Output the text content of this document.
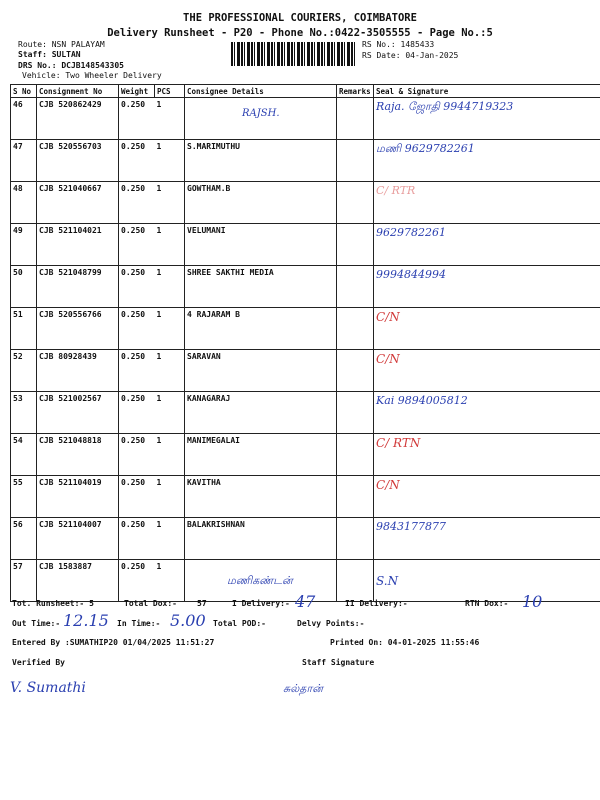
THE PROFESSIONAL COURIERS, COIMBATORE
Delivery Runsheet - P20 - Phone No.:0422-3505555 - Page No.:5
Route: NSN PALAYAM
Staff: SULTAN
DRS No.: DCJB148543305
Vehicle: Two Wheeler Delivery
RS No.: 1485433
RS Date: 04-Jan-2025
S No	Consignment No	Weight	PCS	Consignee Details	Remarks	Seal & Signature
46	CJB 520862429	0.250	1	RAJSH.		Raja. ஜோதி 9944719323
47	CJB 520556703	0.250	1	S.MARIMUTHU		மணி 9629782261
48	CJB 521040667	0.250	1	GOWTHAM.B		C/ RTR
49	CJB 521104021	0.250	1	VELUMANI		9629782261
50	CJB 521048799	0.250	1	SHREE SAKTHI MEDIA		9994844994
51	CJB 520556766	0.250	1	4 RAJARAM B		C/N
52	CJB 80928439	0.250	1	SARAVAN		C/N
53	CJB 521002567	0.250	1	KANAGARAJ		Kai 9894005812
54	CJB 521048818	0.250	1	MANIMEGALAI		C/ RTN
55	CJB 521104019	0.250	1	KAVITHA		C/N
56	CJB 521104007	0.250	1	BALAKRISHNAN		9843177877
57	CJB 1583887	0.250	1	மணிகண்டன்		S.N
Tot. Runsheet:- 5	Total Dox:-	57	I Delivery:- 47	II Delivery:-	RTN Dox:- 10
Out Time:- 12.15 In Time:- 5.00 Total POD:-	Delvy Points:-
Entered By :SUMATHIP20 01/04/2025 11:51:27	Printed On: 04-01-2025 11:55:46
Verified By	Staff Signature
V. Sumathi	சுல்தான்
